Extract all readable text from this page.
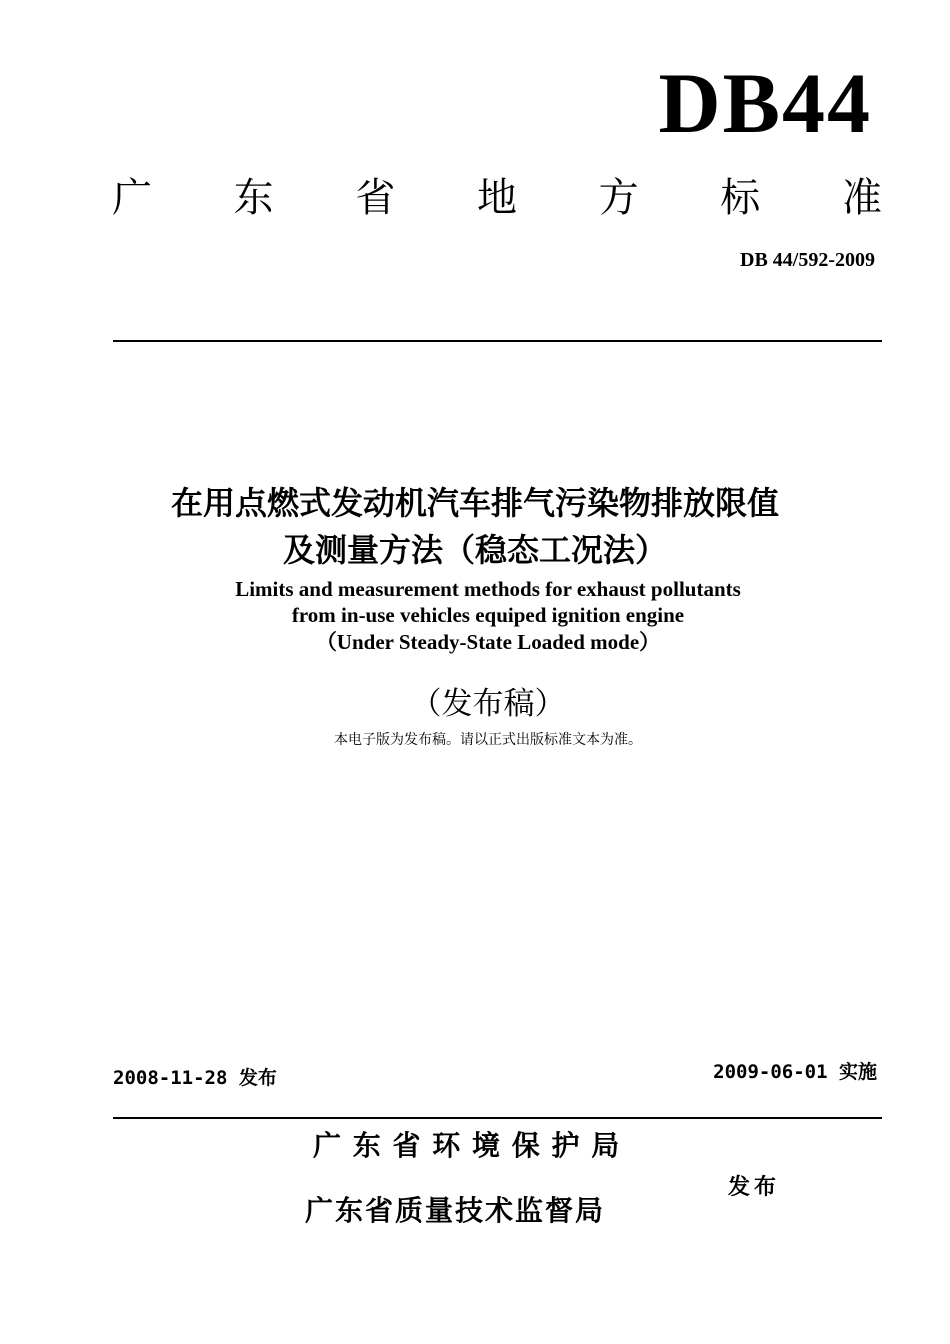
DB44
广 东 省 地 方 标 准
DB 44/592-2009
在用点燃式发动机汽车排气污染物排放限值
及测量方法（稳态工况法）
Limits and measurement methods for exhaust pollutants
from in-use vehicles equiped ignition engine
（Under Steady-State Loaded mode）
（发布稿）
本电子版为发布稿。请以正式出版标准文本为准。
2008-11-28 发布	2009-06-01 实施
广 东 省 环 境 保 护 局
广东省质量技术监督局
发布
